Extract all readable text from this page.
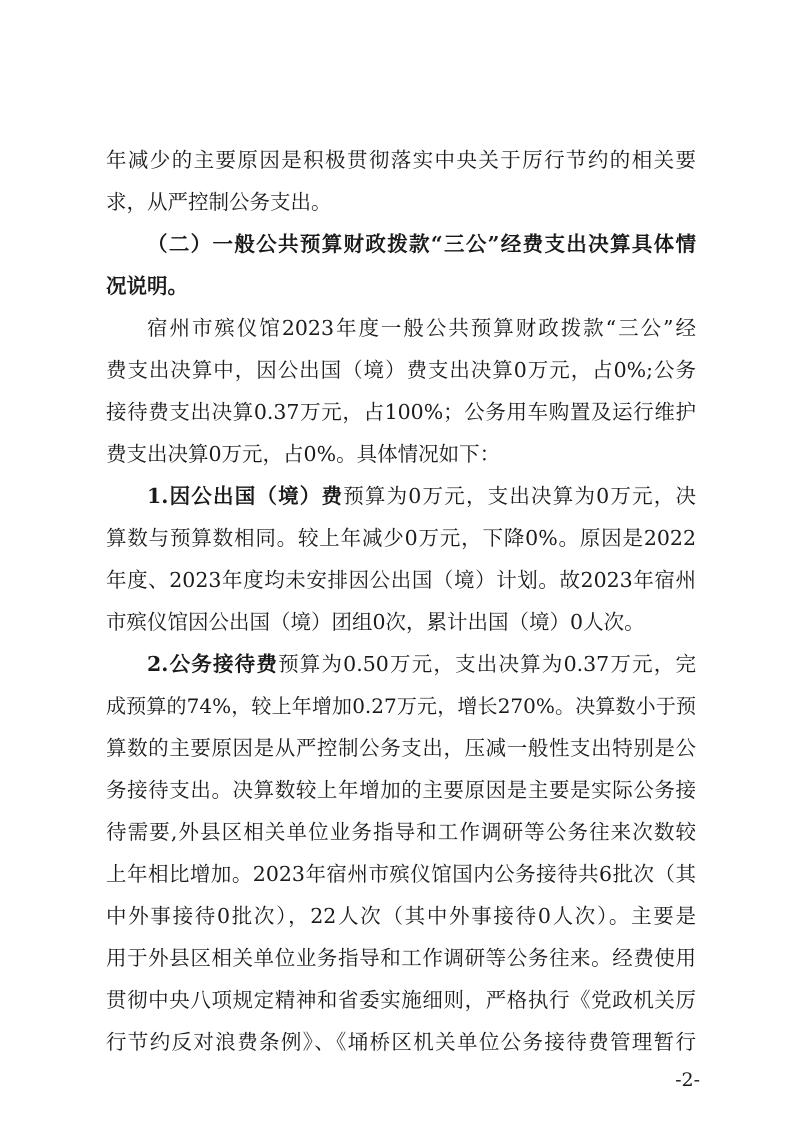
年减少的主要原因是积极贯彻落实中央关于厉行节约的相关要
求，从严控制公务支出。
（二）一般公共预算财政拨款“三公”经费支出决算具体情
况说明。
宿州市殡仪馆2023年度一般公共预算财政拨款“三公”经
费支出决算中，因公出国（境）费支出决算0万元，占0%;公务
接待费支出决算0.37万元，占100%；公务用车购置及运行维护
费支出决算0万元，占0%。具体情况如下：
1.因公出国（境）费预算为0万元，支出决算为0万元，决
算数与预算数相同。较上年减少0万元，下降0%。原因是2022
年度、2023年度均未安排因公出国（境）计划。故2023年宿州
市殡仪馆因公出国（境）团组0次，累计出国（境）0人次。
2.公务接待费预算为0.50万元，支出决算为0.37万元，完
成预算的74%，较上年增加0.27万元，增长270%。决算数小于预
算数的主要原因是从严控制公务支出，压减一般性支出特别是公
务接待支出。决算数较上年增加的主要原因是主要是实际公务接
待需要,外县区相关单位业务指导和工作调研等公务往来次数较
上年相比增加。2023年宿州市殡仪馆国内公务接待共6批次（其
中外事接待0批次），22人次（其中外事接待0人次）。主要是
用于外县区相关单位业务指导和工作调研等公务往来。经费使用
贯彻中央八项规定精神和省委实施细则，严格执行《党政机关厉
行节约反对浪费条例》、《埇桥区机关单位公务接待费管理暂行
-2-
